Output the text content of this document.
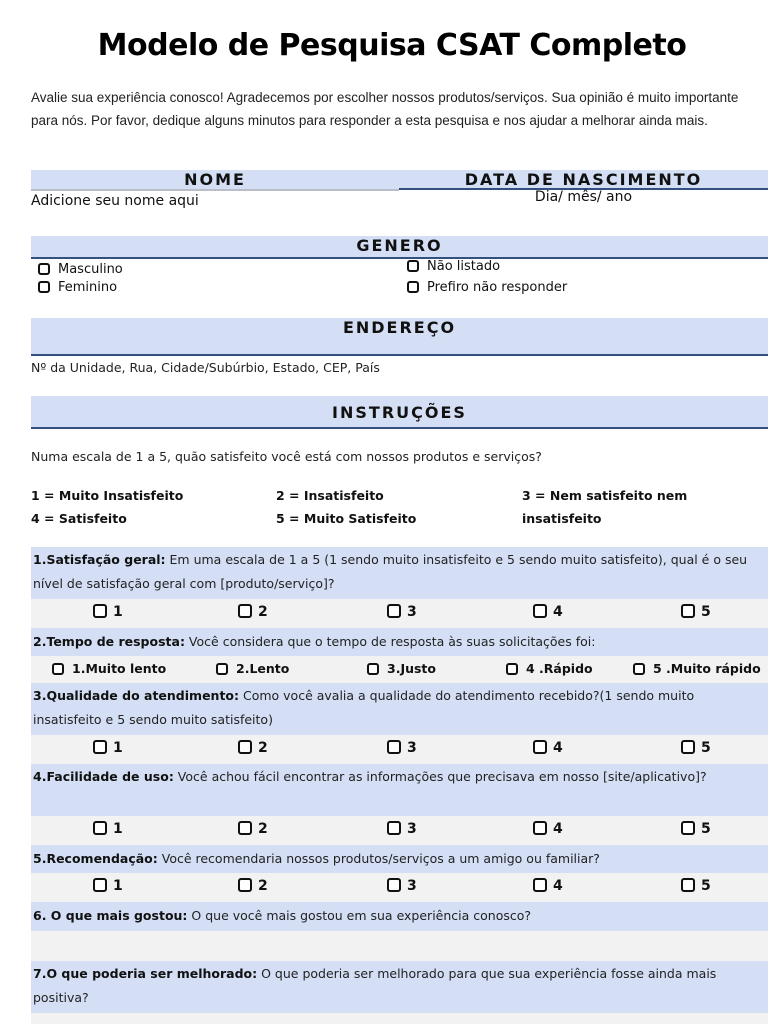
Modelo de Pesquisa CSAT Completo
Avalie sua experiência conosco! Agradecemos por escolher nossos produtos/serviços. Sua opinião é muito importante para nós. Por favor, dedique alguns minutos para responder a esta pesquisa e nos ajudar a melhorar ainda mais.
NOME	DATA DE NASCIMENTO
Adicione seu nome aqui	Dia/ mês/ ano
GENERO
Masculino
Feminino
Não listado
Prefiro não responder
ENDEREÇO
Nº da Unidade, Rua, Cidade/Subúrbio, Estado, CEP, País
INSTRUÇÕES
Numa escala de 1 a 5, quão satisfeito você está com nossos produtos e serviços?
1 = Muito Insatisfeito	2 = Insatisfeito	3 = Nem satisfeito nem
4 = Satisfeito	5 = Muito Satisfeito	insatisfeito
1.Satisfação geral: Em uma escala de 1 a 5 (1 sendo muito insatisfeito e 5 sendo muito satisfeito), qual é o seu nível de satisfação geral com [produto/serviço]?
1	2	3	4	5
2.Tempo de resposta: Você considera que o tempo de resposta às suas solicitações foi:
1.Muito lento	2.Lento	3.Justo	4 .Rápido	5 .Muito rápido
3.Qualidade do atendimento: Como você avalia a qualidade do atendimento recebido?(1 sendo muito insatisfeito e 5 sendo muito satisfeito)
1	2	3	4	5
4.Facilidade de uso: Você achou fácil encontrar as informações que precisava em nosso [site/aplicativo]?
1	2	3	4	5
5.Recomendação: Você recomendaria nossos produtos/serviços a um amigo ou familiar?
1	2	3	4	5
6. O que mais gostou: O que você mais gostou em sua experiência conosco?
7.O que poderia ser melhorado: O que poderia ser melhorado para que sua experiência fosse ainda mais positiva?
